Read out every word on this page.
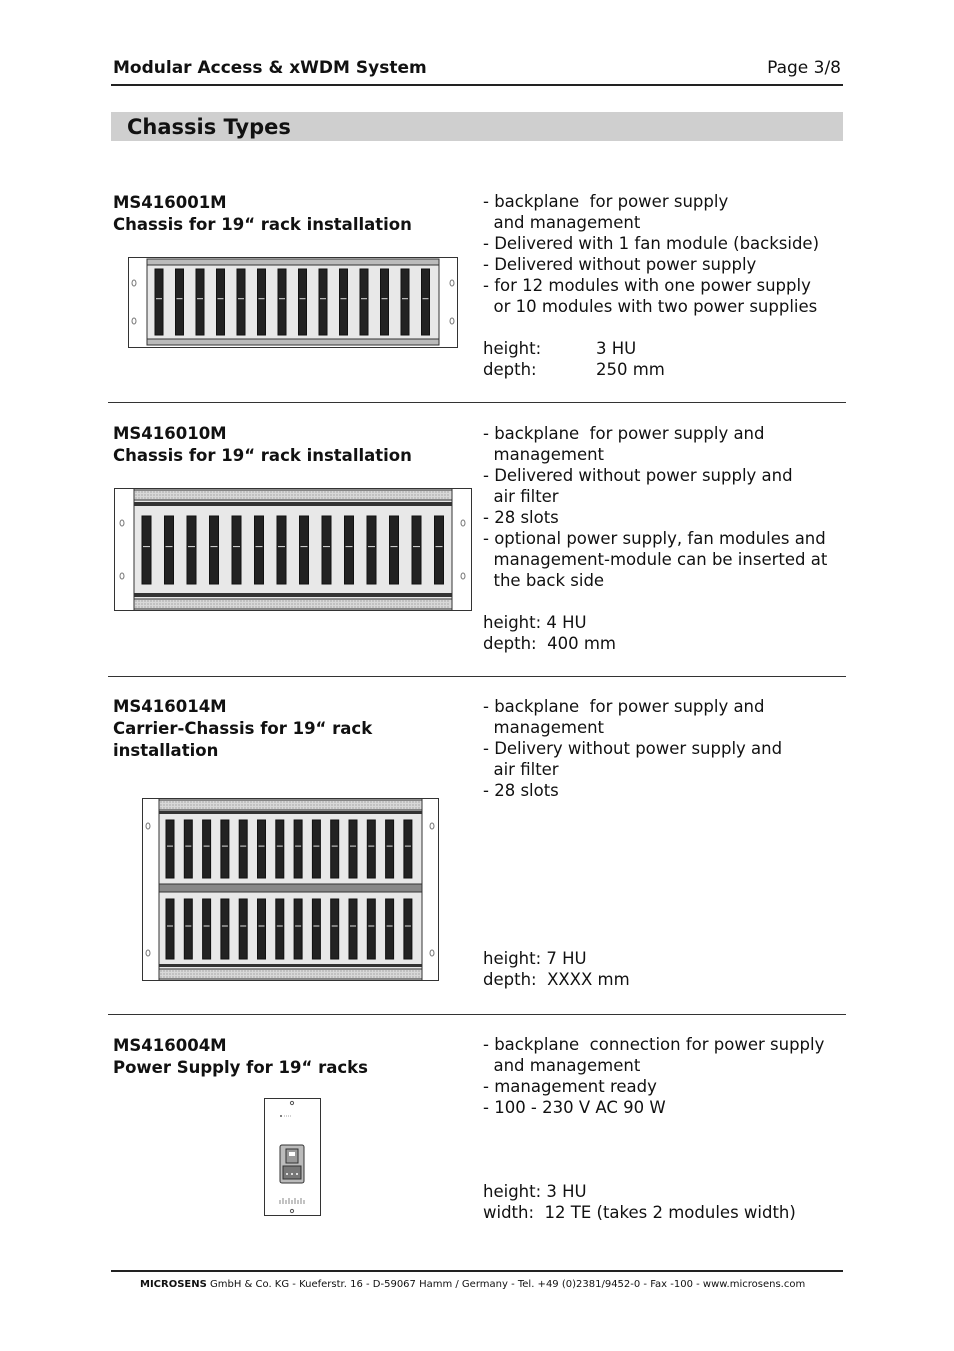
Modular Access & xWDM System	Page 3/8
Chassis Types
MS416001M
Chassis for 19“ rack installation
- backplane  for power supply
and management
- Delivered with 1 fan module (backside)
- Delivered without power supply
- for 12 modules with one power supply
or 10 modules with two power supplies
height:	3 HU
depth:	250 mm
MS416010M
Chassis for 19“ rack installation
- backplane  for power supply and
management
- Delivered without power supply and
air filter
- 28 slots
- optional power supply, fan modules and
management-module can be inserted at
the back side
height: 4 HU
depth:  400 mm
MS416014M
Carrier-Chassis for 19“ rack
installation
- backplane  for power supply and
management
- Delivery without power supply and
air filter
- 28 slots
height: 7 HU
depth:  XXXX mm
MS416004M
Power Supply for 19“ racks
- backplane  connection for power supply
and management
- management ready
- 100 - 230 V AC 90 W
height: 3 HU
width:  12 TE (takes 2 modules width)
MICROSENS GmbH & Co. KG - Kueferstr. 16 - D-59067 Hamm / Germany - Tel. +49 (0)2381/9452-0 - Fax -100 - www.microsens.com
